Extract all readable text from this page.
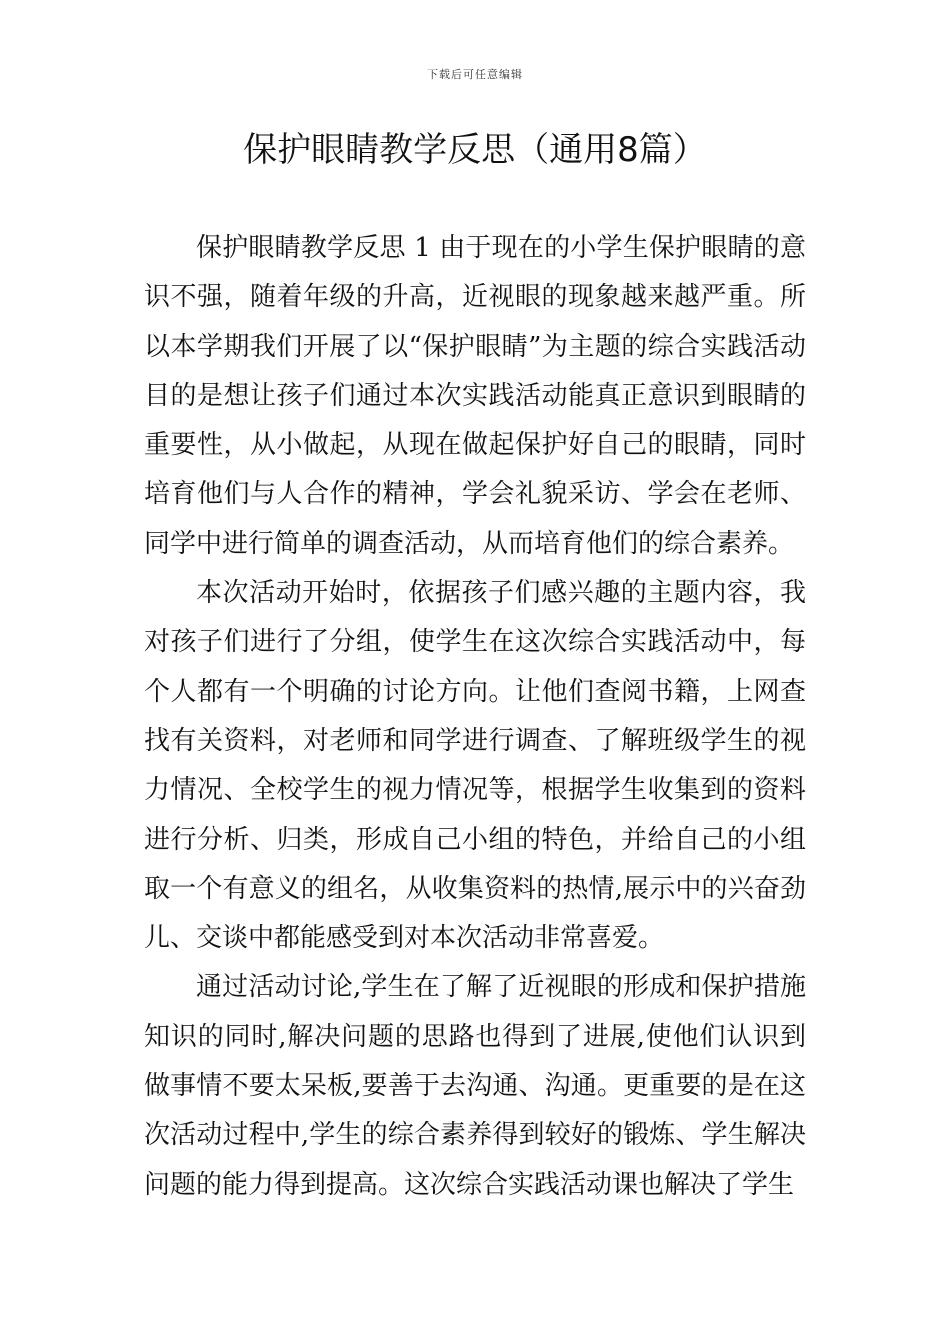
下载后可任意编辑
保护眼睛教学反思（通用8篇）

保护眼睛教学反思 1 由于现在的小学生保护眼睛的意识不强，随着年级的升高，近视眼的现象越来越严重。所以本学期我们开展了以“保护眼睛”为主题的综合实践活动目的是想让孩子们通过本次实践活动能真正意识到眼睛的重要性，从小做起，从现在做起保护好自己的眼睛，同时培育他们与人合作的精神，学会礼貌采访、学会在老师、同学中进行简单的调查活动，从而培育他们的综合素养。

本次活动开始时，依据孩子们感兴趣的主题内容，我对孩子们进行了分组，使学生在这次综合实践活动中，每个人都有一个明确的讨论方向。让他们查阅书籍，上网查找有关资料，对老师和同学进行调查、了解班级学生的视力情况、全校学生的视力情况等，根据学生收集到的资料进行分析、归类，形成自己小组的特色，并给自己的小组取一个有意义的组名，从收集资料的热情,展示中的兴奋劲儿、交谈中都能感受到对本次活动非常喜爱。

通过活动讨论,学生在了解了近视眼的形成和保护措施知识的同时,解决问题的思路也得到了进展,使他们认识到做事情不要太呆板,要善于去沟通、沟通。更重要的是在这次活动过程中,学生的综合素养得到较好的锻炼、学生解决问题的能力得到提高。这次综合实践活动课也解决了学生
